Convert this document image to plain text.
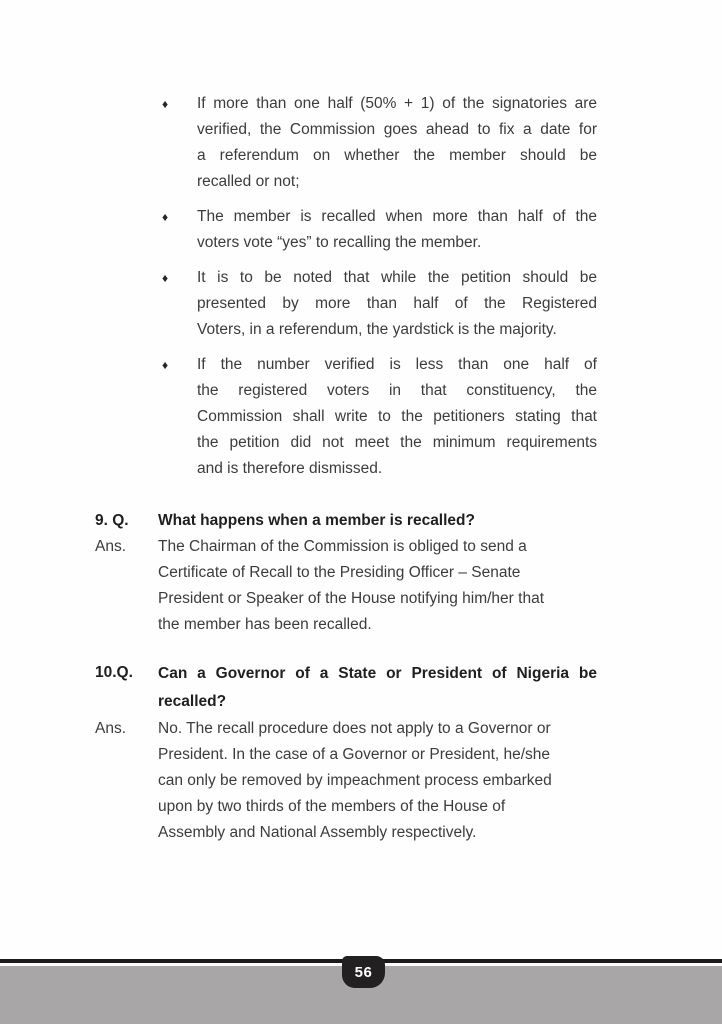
♦	If more than one half (50% + 1) of the signatories are
verified, the Commission goes ahead to fix a date for
a referendum on whether the member should be
recalled or not;
♦	The member is recalled when more than half of the
voters vote “yes” to recalling the member.
♦	It is to be noted that while the petition should be
presented by more than half of the Registered
Voters, in a referendum, the yardstick is the majority.
♦	If the number verified is less than one half of
the registered voters in that constituency, the
Commission shall write to the petitioners stating that
the petition did not meet the minimum requirements
and is therefore dismissed.
9. Q.	What happens when a member is recalled?
Ans.	The Chairman of the Commission is obliged to send a
Certificate of Recall to the Presiding Officer – Senate
President or Speaker of the House notifying him/her that
the member has been recalled.
10.Q.	Can a Governor of a State or President of Nigeria be
recalled?
Ans.	No. The recall procedure does not apply to a Governor or
President. In the case of a Governor or President, he/she
can only be removed by impeachment process embarked
upon by two thirds of the members of the House of
Assembly and National Assembly respectively.
56
